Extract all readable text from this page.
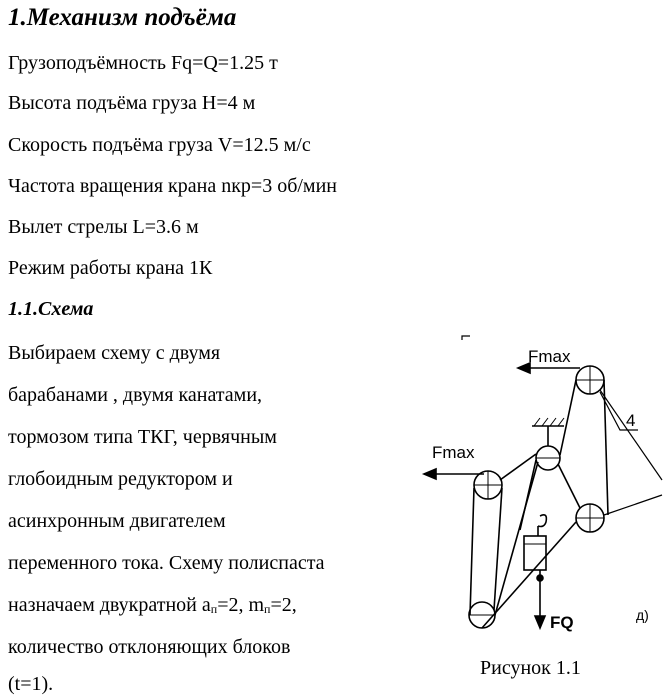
1.Механизм подъёма
Грузоподъёмность Fq=Q=1.25 т
Высота подъёма груза H=4 м
Скорость подъёма груза V=12.5 м/с
Частота вращения крана nкр=3 об/мин
Вылет стрелы L=3.6 м
Режим работы крана 1К
1.1.Схема
Выбираем схему с двумя
барабанами , двумя канатами,
тормозом типа ТКГ, червячным
глобоидным редуктором и
асинхронным двигателем
переменного тока. Схему полиспаста
назначаем двукратной $a_п=2$, $m_п=2$,
количество отклоняющих блоков
(t=1).
Fmax
Fmax
FQ
4
д)
Рисунок 1.1
